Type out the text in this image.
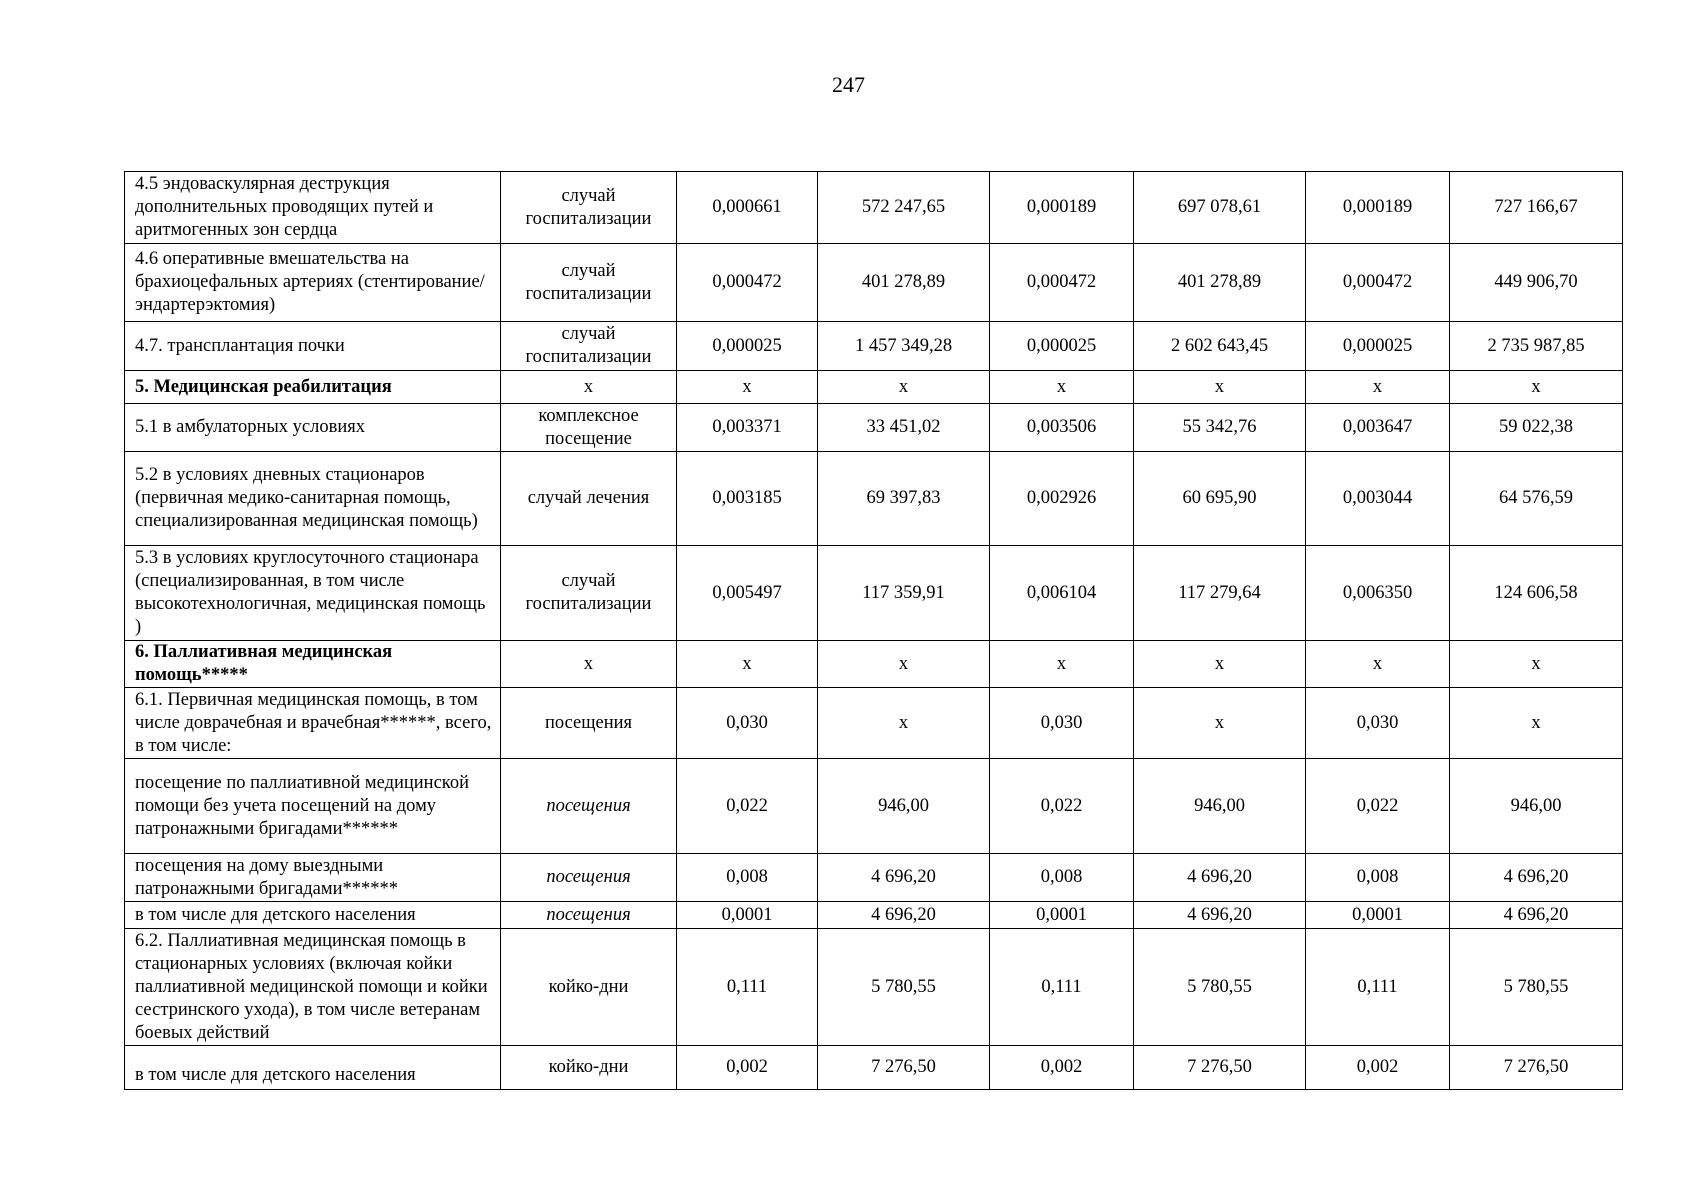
247
4.5 эндоваскулярная деструкция дополнительных проводящих путей и аритмогенных зон сердца	случай госпитализации	0,000661	572 247,65	0,000189	697 078,61	0,000189	727 166,67
4.6 оперативные вмешательства на брахиоцефальных артериях (стентирование/эндартерэктомия)	случай госпитализации	0,000472	401 278,89	0,000472	401 278,89	0,000472	449 906,70
4.7. трансплантация почки	случай госпитализации	0,000025	1 457 349,28	0,000025	2 602 643,45	0,000025	2 735 987,85
5. Медицинская реабилитация	х	х	х	х	х	х	х
5.1 в амбулаторных условиях	комплексное посещение	0,003371	33 451,02	0,003506	55 342,76	0,003647	59 022,38
5.2 в условиях дневных стационаров (первичная медико-санитарная помощь, специализированная медицинская помощь)	случай лечения	0,003185	69 397,83	0,002926	60 695,90	0,003044	64 576,59
5.3 в условиях круглосуточного стационара (специализированная, в том числе высокотехнологичная, медицинская помощь )	случай госпитализации	0,005497	117 359,91	0,006104	117 279,64	0,006350	124 606,58
6. Паллиативная медицинская помощь*****	х	х	х	х	х	х	х
6.1. Первичная медицинская помощь, в том числе доврачебная и врачебная******, всего, в том числе:	посещения	0,030	х	0,030	х	0,030	х
посещение по паллиативной медицинской помощи без учета посещений на дому патронажными бригадами******	посещения	0,022	946,00	0,022	946,00	0,022	946,00
посещения на дому выездными патронажными бригадами******	посещения	0,008	4 696,20	0,008	4 696,20	0,008	4 696,20
в том числе для детского населения	посещения	0,0001	4 696,20	0,0001	4 696,20	0,0001	4 696,20
6.2. Паллиативная медицинская помощь в стационарных условиях (включая койки паллиативной медицинской помощи и койки сестринского ухода), в том числе ветеранам боевых действий	койко-дни	0,111	5 780,55	0,111	5 780,55	0,111	5 780,55
в том числе для детского населения	койко-дни	0,002	7 276,50	0,002	7 276,50	0,002	7 276,50
